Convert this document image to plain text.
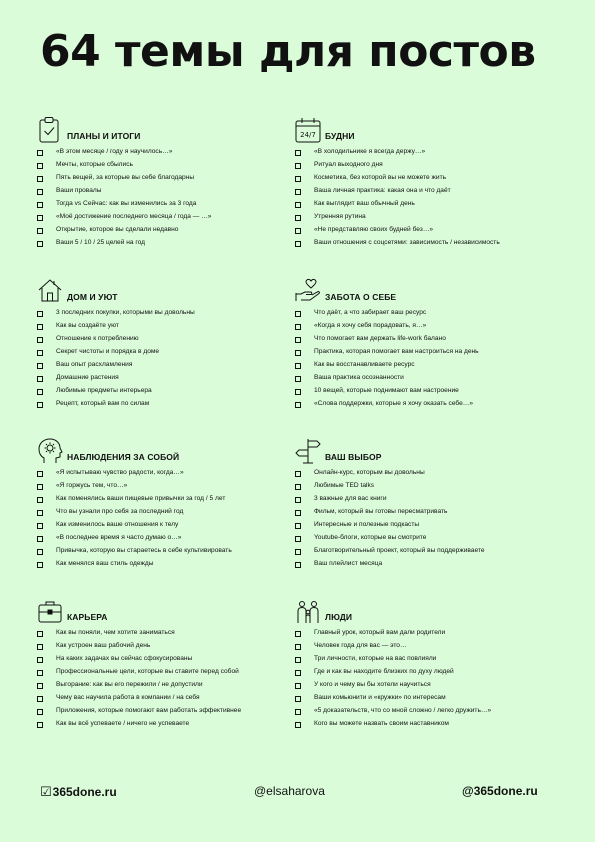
64 темы для постов
ПЛАНЫ И ИТОГИ
«В этом месяце / году я научилось…»
Мечты, которые сбылись
Пять вещей, за которые вы себе благодарны
Ваши провалы
Тогда vs Сейчас: как вы изменились за 3 года
«Моё достижение последнего месяца / года — …»
Открытие, которое вы сделали недавно
Ваши 5 / 10 / 25 целей на год
24/7 БУДНИ
«В холодильнике я всегда держу…»
Ритуал выходного дня
Косметика, без которой вы не можете жить
Ваша личная практика: какая она и что даёт
Как выглядит ваш обычный день
Утренняя рутина
«Не представляю своих будней без…»
Ваши отношения с соцсетями: зависимость / независимость
ДОМ И УЮТ
3 последних покупки, которыми вы довольны
Как вы создаёте уют
Отношение к потреблению
Секрет чистоты и порядка в доме
Ваш опыт расхламления
Домашние растения
Любимые предметы интерьера
Рецепт, который вам по силам
ЗАБОТА О СЕБЕ
Что даёт, а что забирает ваш ресурс
«Когда я хочу себя порадовать, я…»
Что помогает вам держать life-work балано
Практика, которая помогает вам настроиться на день
Как вы восстанавливаете ресурс
Ваша практика осознанности
10 вещей, которые поднимают вам настроение
«Слова поддержки, которые я хочу оказать себе…»
НАБЛЮДЕНИЯ ЗА СОБОЙ
«Я испытываю чувство радости, когда…»
«Я горжусь тем, что…»
Как поменялись ваши пищевые привычки за год / 5 лет
Что вы узнали про себя за последний год
Как изменилось ваше отношения к телу
«В последнее время я часто думаю о…»
Привычка, которую вы стараетесь в себе культивировать
Как менялся ваш стиль одежды
ВАШ ВЫБОР
Онлайн-курс, которым вы довольны
Любимые TED talks
3 важные для вас книги
Фильм, который вы готовы пересматривать
Интересные и полезные подкасты
Youtube-блоги, которые вы смотрите
Благотворительный проект, который вы поддерживаете
Ваш плейлист месяца
КАРЬЕРА
Как вы поняли, чем хотите заниматься
Как устроен ваш рабочий день
На каких задачах вы сейчас сфокусированы
Профессиональные цели, которые вы ставите перед собой
Выгорание: как вы его пережили / не допустили
Чему вас научила работа в компании / на себя
Приложения, которые помогают вам работать эффективнее
Как вы всё успеваете / ничего не успеваете
ЛЮДИ
Главный урок, который вам дали родители
Человек года для вас — это…
Три личности, которые на вас повлияли
Где и как вы находите близких по духу людей
У кого и чему вы бы хотели научиться
Ваши комьюнити и «кружки» по интересам
«5 доказательств, что со мной сложно / легко дружить…»
Кого вы можете назвать своим наставником
☑365done.ru	@elsaharova	@365done.ru
